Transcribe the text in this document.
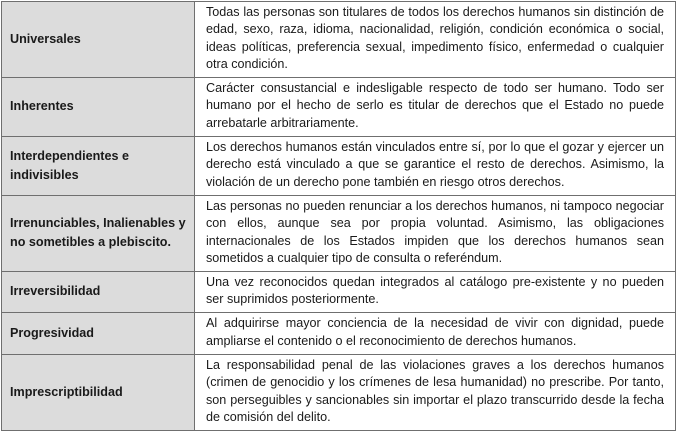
Universales	Todas las personas son titulares de todos los derechos humanos sin distinción de edad, sexo, raza, idioma, nacionalidad, religión, condición económica o social, ideas políticas, preferencia sexual, impedimento físico, enfermedad o cualquier otra condición.
Inherentes	Carácter consustancial e indesligable respecto de todo ser humano. Todo ser humano por el hecho de serlo es titular de derechos que el Estado no puede arrebatarle arbitrariamente.
Interdependientes e indivisibles	Los derechos humanos están vinculados entre sí, por lo que el gozar y ejercer un derecho está vinculado a que se garantice el resto de derechos. Asimismo, la violación de un derecho pone también en riesgo otros derechos.
Irrenunciables, Inalienables y no sometibles a plebiscito.	Las personas no pueden renunciar a los derechos humanos, ni tampoco negociar con ellos, aunque sea por propia voluntad. Asimismo, las obligaciones internacionales de los Estados impiden que los derechos humanos sean sometidos a cualquier tipo de consulta o referéndum.
Irreversibilidad	Una vez reconocidos quedan integrados al catálogo pre-existente y no pueden ser suprimidos posteriormente.
Progresividad	Al adquirirse mayor conciencia de la necesidad de vivir con dignidad, puede ampliarse el contenido o el reconocimiento de derechos humanos.
Imprescriptibilidad	La responsabilidad penal de las violaciones graves a los derechos humanos (crimen de genocidio y los crímenes de lesa humanidad) no prescribe. Por tanto, son perseguibles y sancionables sin importar el plazo transcurrido desde la fecha de comisión del delito.
